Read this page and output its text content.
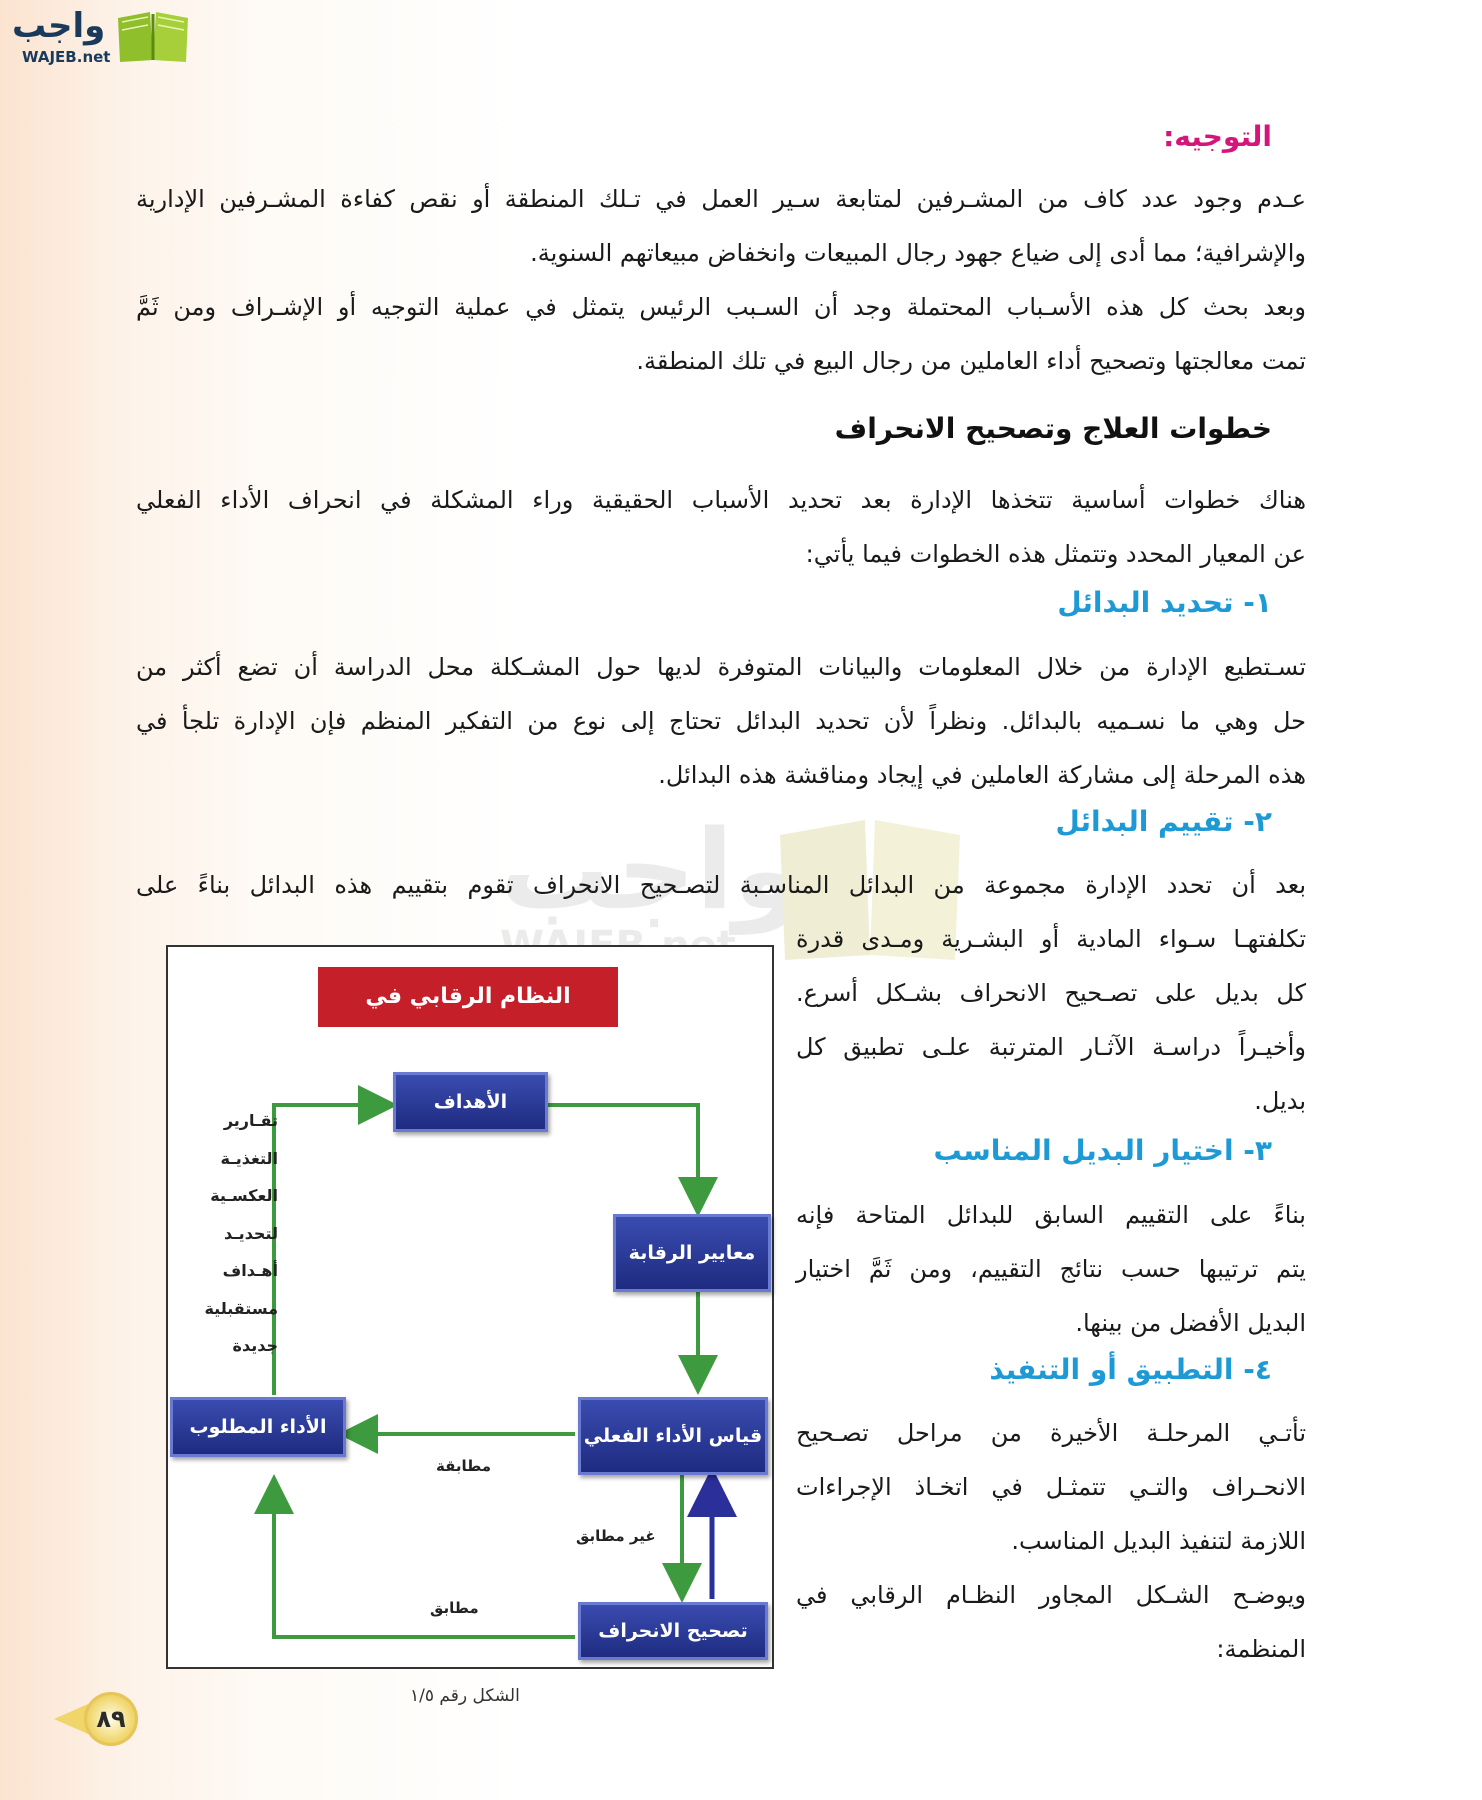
واجب
WAJEB.net
واجب
التوجيه:
عـدم وجود عدد كاف من المشـرفين لمتابعة سـير العمل في تـلك المنطقة أو نقص كفاءة المشـرفين الإدارية
والإشرافية؛ مما أدى إلى ضياع جهود رجال المبيعات وانخفاض مبيعاتهم السنوية.
وبعد بحث كل هذه الأسـباب المحتملة وجد أن السـبب الرئيس يتمثل في عملية التوجيه أو الإشـراف ومن ثَمَّ
تمت معالجتها وتصحيح أداء العاملين من رجال البيع في تلك المنطقة.
خطوات العلاج وتصحيح الانحراف
هناك خطوات أساسية تتخذها الإدارة بعد تحديد الأسباب الحقيقية وراء المشكلة في انحراف الأداء الفعلي
عن المعيار المحدد وتتمثل هذه الخطوات فيما يأتي:
١- تحديد البدائل
تسـتطيع الإدارة من خلال المعلومات والبيانات المتوفرة لديها حول المشـكلة محل الدراسة أن تضع أكثر من
حل وهي ما نسـميه بالبدائل. ونظراً لأن تحديد البدائل تحتاج إلى نوع من التفكير المنظم فإن الإدارة تلجأ في
هذه المرحلة إلى مشاركة العاملين في إيجاد ومناقشة هذه البدائل.
٢- تقييم البدائل
بعد أن تحدد الإدارة مجموعة من البدائل المناسـبة لتصـحيح الانحراف تقوم بتقييم هذه البدائل بناءً على
تكلفتهـا سـواء المادية أو البشـرية ومـدى قدرة
كل بديل على تصـحيح الانحراف بشـكل أسرع.
وأخيـراً دراسـة الآثـار المترتبة علـى تطبيق كل
بديل.
٣- اختيار البديل المناسب
بناءً على التقييم السابق للبدائل المتاحة فإنه
يتم ترتيبها حسب نتائج التقييم، ومن ثَمَّ اختيار
البديل الأفضل من بينها.
٤- التطبيق أو التنفيذ
تأتـي المرحلـة الأخيرة من مراحل تصـحيح
الانحـراف والتـي تتمثـل في اتخـاذ الإجراءات
اللازمة لتنفيذ البديل المناسب.
ويوضـح الشـكل المجاور النظـام الرقابي في
المنظمة:
النظام الرقابي في المنظمة
الأهداف
معايير الرقابة
قياس الأداء الفعلي
الأداء المطلوب
تصحيح الانحراف
تقـارير
التغذيـة
العكسـية
لتحديـد
أهـداف
مستقبلية
جديدة
مطابقة
غير مطابق
مطابق
الشكل رقم ١/٥
٨٩
